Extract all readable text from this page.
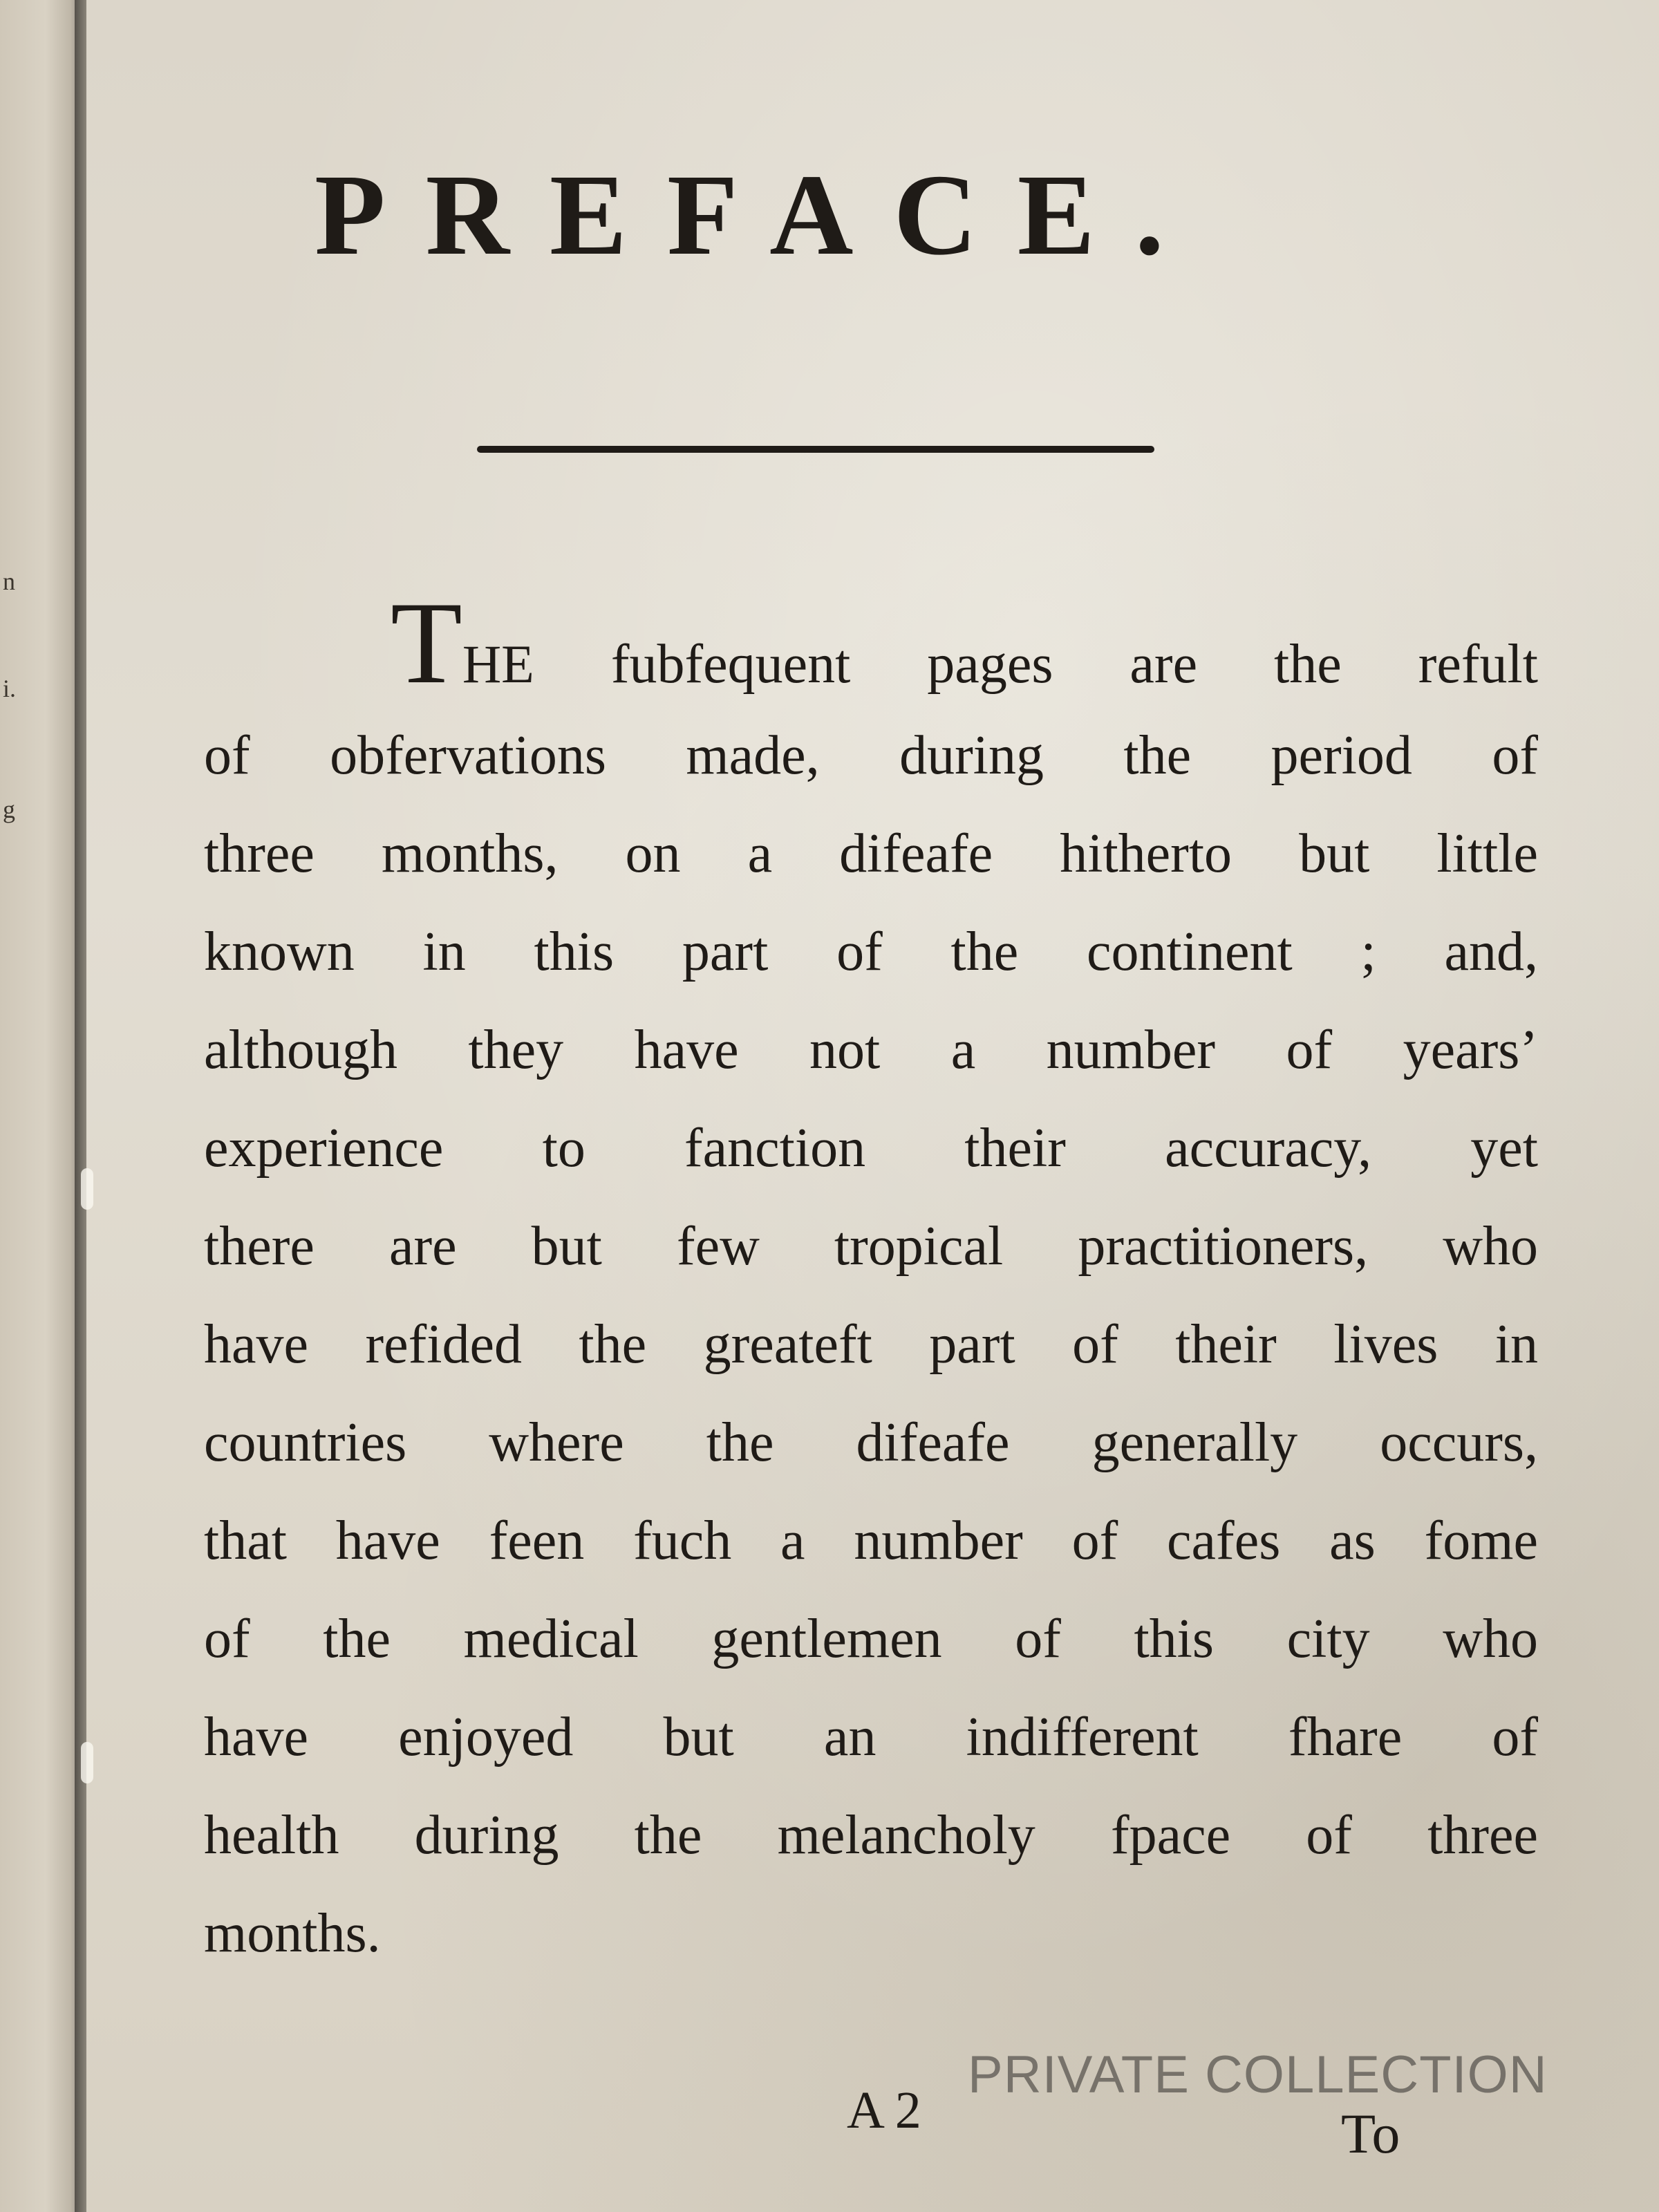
n
i.
g
PREFACE.
THE fubfequent pages are the refult
of obfervations made, during the period of
three months, on a difeafe hitherto but little
known in this part of the continent ; and,
although they have not a number of years’
experience to fanction their accuracy, yet
there are but few tropical practitioners, who
have refided the greateft part of their lives in
countries where the difeafe generally occurs,
that have feen fuch a number of cafes as fome
of the medical gentlemen of this city who
have enjoyed but an indifferent fhare of
health during the melancholy fpace of three
months.
PRIVATE COLLECTION
A 2	To
